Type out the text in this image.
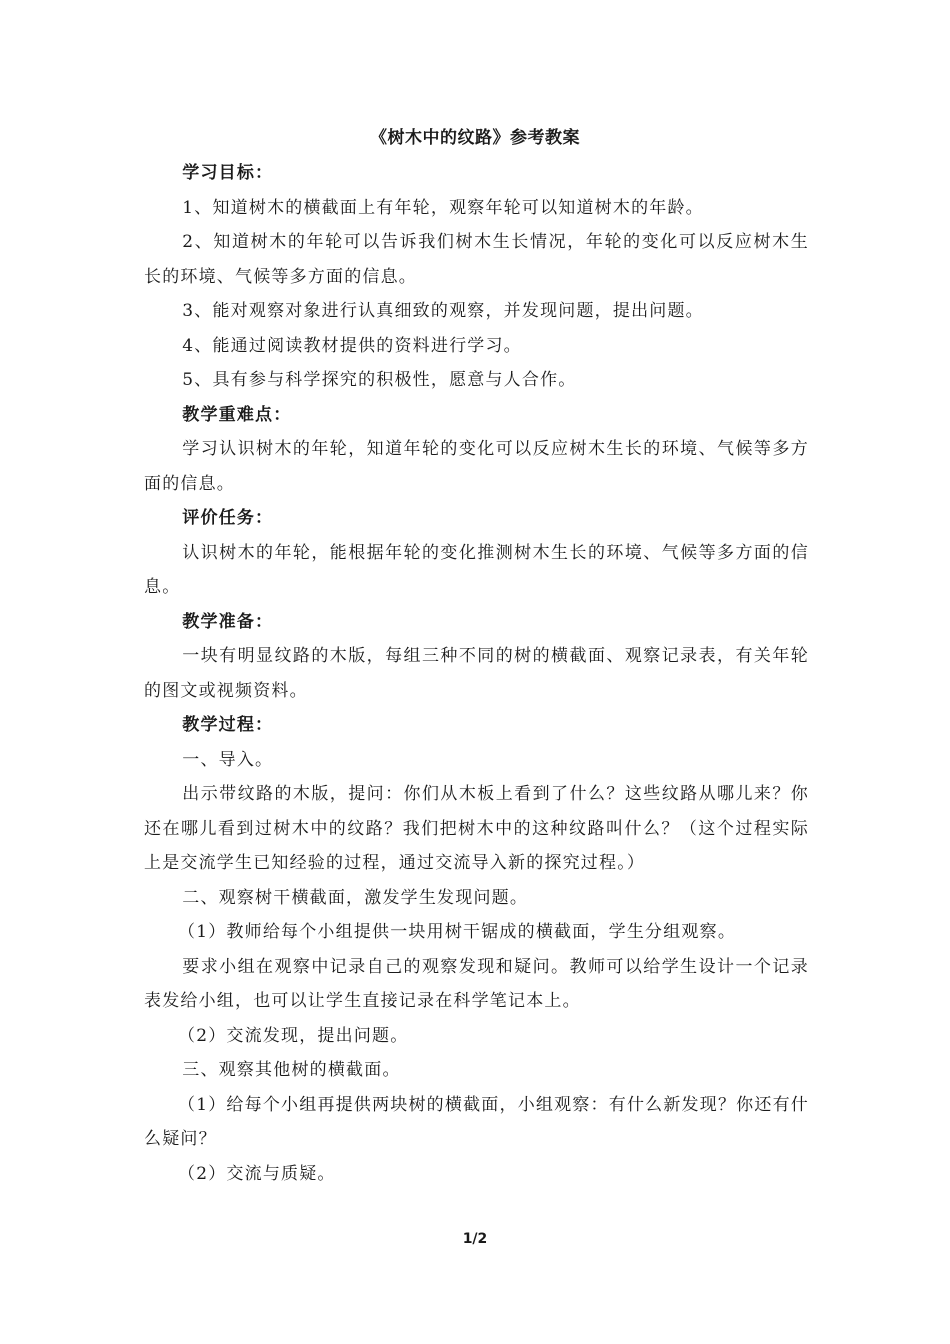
《树木中的纹路》参考教案

学习目标：

1、知道树木的横截面上有年轮，观察年轮可以知道树木的年龄。

2、知道树木的年轮可以告诉我们树木生长情况，年轮的变化可以反应树木生长的环境、气候等多方面的信息。

3、能对观察对象进行认真细致的观察，并发现问题，提出问题。

4、能通过阅读教材提供的资料进行学习。

5、具有参与科学探究的积极性，愿意与人合作。

教学重难点：

学习认识树木的年轮，知道年轮的变化可以反应树木生长的环境、气候等多方面的信息。

评价任务：

认识树木的年轮，能根据年轮的变化推测树木生长的环境、气候等多方面的信息。

教学准备：

一块有明显纹路的木版，每组三种不同的树的横截面、观察记录表，有关年轮的图文或视频资料。

教学过程：

一、导入。

出示带纹路的木版，提问：你们从木板上看到了什么？这些纹路从哪儿来？你还在哪儿看到过树木中的纹路？我们把树木中的这种纹路叫什么？（这个过程实际上是交流学生已知经验的过程，通过交流导入新的探究过程。）

二、观察树干横截面，激发学生发现问题。

（1）教师给每个小组提供一块用树干锯成的横截面，学生分组观察。

要求小组在观察中记录自己的观察发现和疑问。教师可以给学生设计一个记录表发给小组，也可以让学生直接记录在科学笔记本上。

（2）交流发现，提出问题。

三、观察其他树的横截面。

（1）给每个小组再提供两块树的横截面，小组观察：有什么新发现？你还有什么疑问？

（2）交流与质疑。

1/2
